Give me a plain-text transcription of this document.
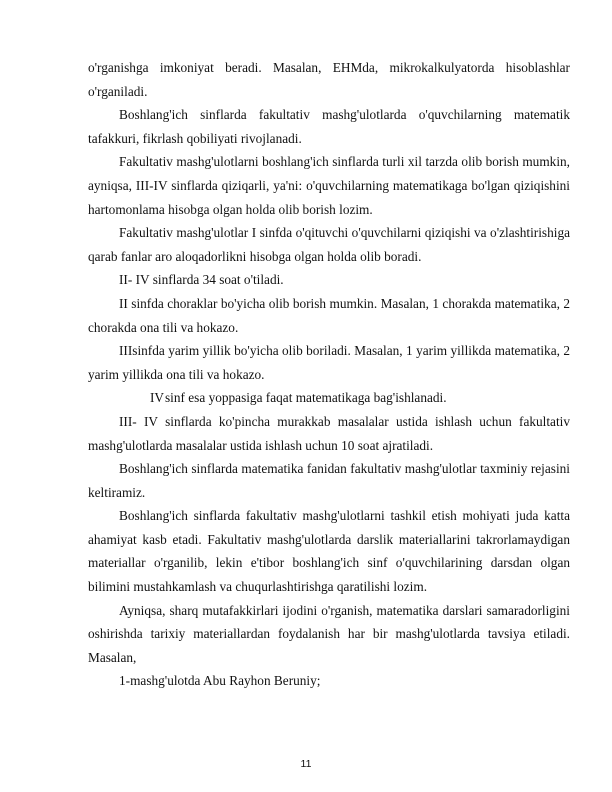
o'rganishga imkoniyat beradi. Masalan, EHMda, mikrokalkulyatorda hisoblashlar o'rganiladi.

Boshlang'ich sinflarda fakultativ mashg'ulotlarda o'quvchilarning matematik tafakkuri, fikrlash qobiliyati rivojlanadi.

Fakultativ mashg'ulotlarni boshlang'ich sinflarda turli xil tarzda olib borish mumkin, ayniqsa, III-IV sinflarda qiziqarli, ya'ni: o'quvchilarning matematikaga bo'lgan qiziqishini hartomonlama hisobga olgan holda olib borish lozim.

Fakultativ mashg'ulotlar I sinfda o'qituvchi o'quvchilarni qiziqishi va o'zlashtirishiga qarab fanlar aro aloqadorlikni hisobga olgan holda olib boradi.

II- IV sinflarda 34 soat o'tiladi.

II sinfda choraklar bo'yicha olib borish mumkin. Masalan, 1 chorakda matematika, 2 chorakda ona tili va hokazo.

IIIsinfda yarim yillik bo'yicha olib boriladi. Masalan, 1 yarim yillikda matematika, 2 yarim yillikda ona tili va hokazo.

IVsinf esa yoppasiga faqat matematikaga bag'ishlanadi.

III- IV sinflarda ko'pincha murakkab masalalar ustida ishlash uchun fakultativ mashg'ulotlarda masalalar ustida ishlash uchun 10 soat ajratiladi.

Boshlang'ich sinflarda matematika fanidan fakultativ mashg'ulotlar taxminiy rejasini keltiramiz.

Boshlang'ich sinflarda fakultativ mashg'ulotlarni tashkil etish mohiyati juda katta ahamiyat kasb etadi. Fakultativ mashg'ulotlarda darslik materiallarini takrorlamaydigan materiallar o'rganilib, lekin e'tibor boshlang'ich sinf o'quvchilarining darsdan olgan bilimini mustahkamlash va chuqurlashtirishga qaratilishi lozim.

Ayniqsa, sharq mutafakkirlari ijodini o'rganish, matematika darslari samaradorligini oshirishda tarixiy materiallardan foydalanish har bir mashg'ulotlarda tavsiya etiladi. Masalan,

1-mashg'ulotda Abu Rayhon Beruniy;

11
